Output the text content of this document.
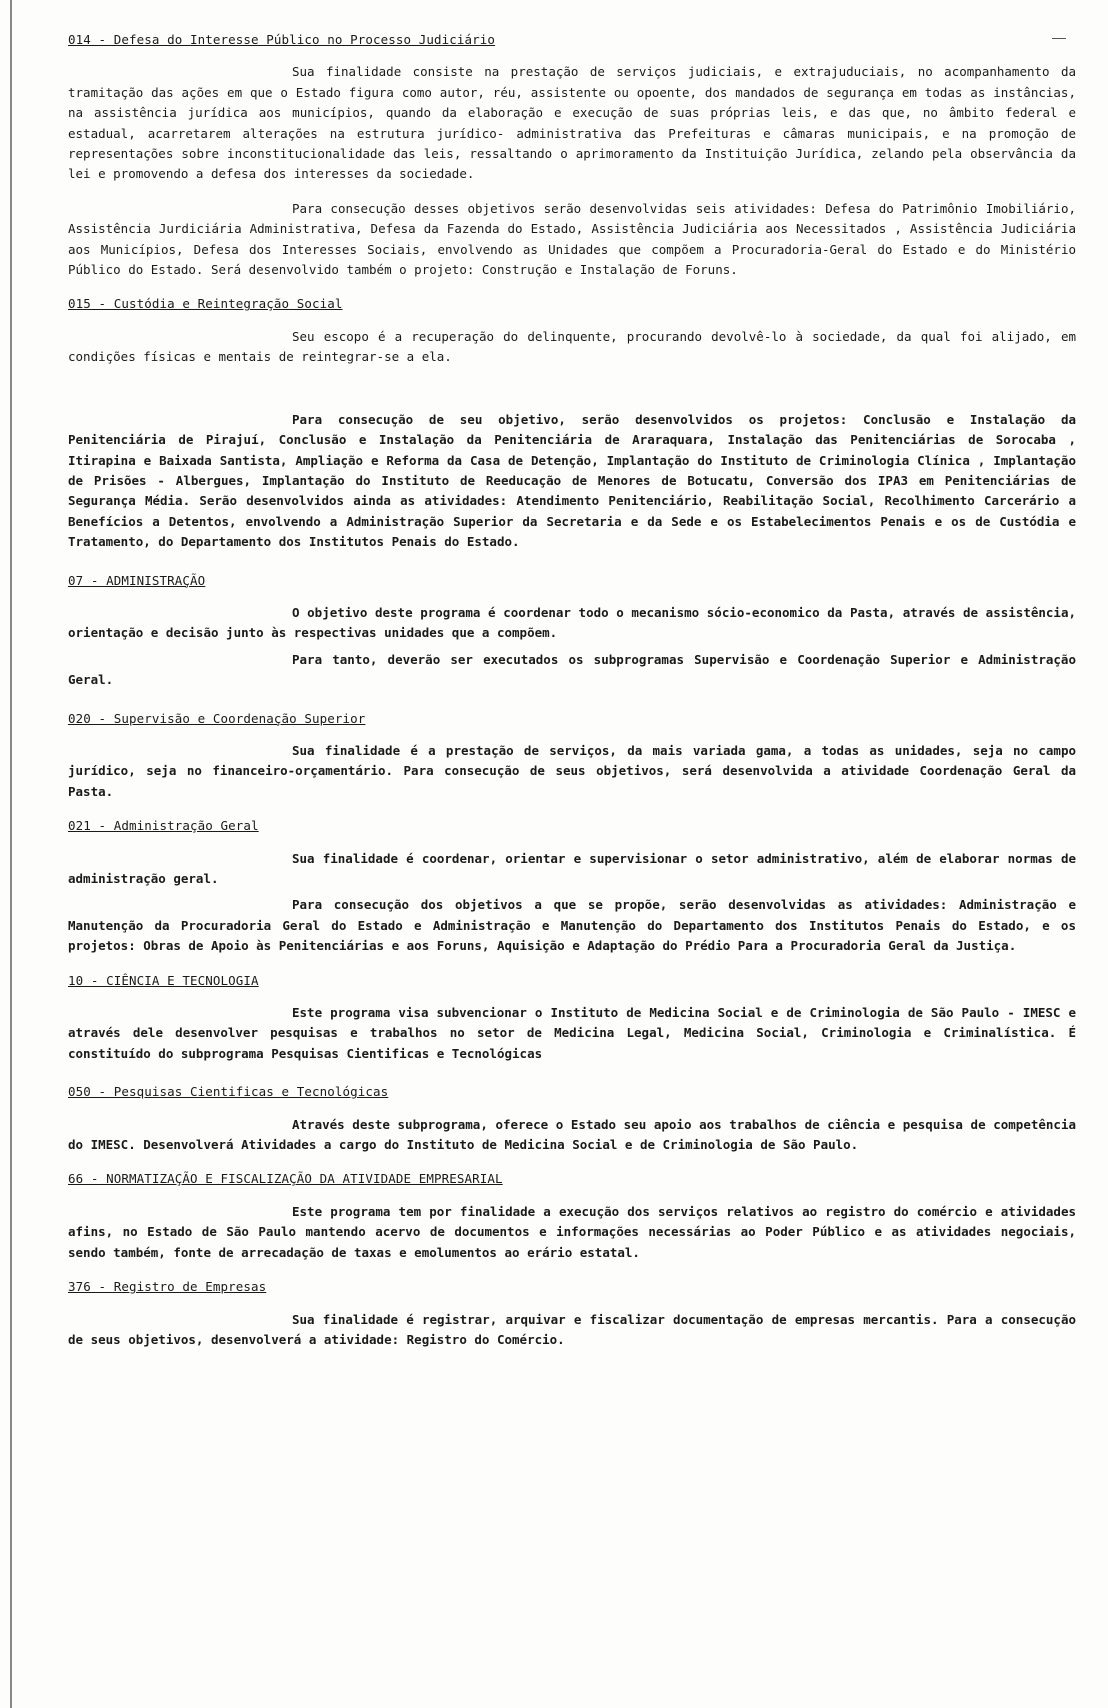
014 - Defesa do Interesse Público no Processo Judiciário

Sua finalidade consiste na prestação de serviços judiciais, e extrajuduciais, no acompanhamento da tramitação das ações em que o Estado figura como autor, réu, assistente ou opoente, dos mandados de segurança em todas as instâncias, na assistência jurídica aos municípios, quando da elaboração e execução de suas próprias leis, e das que, no âmbito federal e estadual, acarretarem alterações na estrutura jurídico- administrativa das Prefeituras e câmaras municipais, e na promoção de representações sobre inconstitucionalidade das leis, ressaltando o aprimoramento da Instituição Jurídica, zelando pela observância da lei e promovendo a defesa dos interesses da sociedade.

Para consecução desses objetivos serão desenvolvidas seis atividades: Defesa do Patrimônio Imobiliário, Assistência Jurdiciária Administrativa, Defesa da Fazenda do Estado, Assistência Judiciária aos Necessitados , Assistência Judiciária aos Municípios, Defesa dos Interesses Sociais, envolvendo as Unidades que compõem a Procuradoria-Geral do Estado e do Ministério Público do Estado. Será desenvolvido também o projeto: Construção e Instalação de Foruns.

015 - Custódia e Reintegração Social

Seu escopo é a recuperação do delinquente, procurando devolvê-lo à sociedade, da qual foi alijado, em condições físicas e mentais de reintegrar-se a ela.

Para consecução de seu objetivo, serão desenvolvidos os projetos: Conclusão e Instalação da Penitenciária de Pirajuí, Conclusão e Instalação da Penitenciária de Araraquara, Instalação das Penitenciárias de Sorocaba , Itirapina e Baixada Santista, Ampliação e Reforma da Casa de Detenção, Implantação do Instituto de Criminologia Clínica , Implantação de Prisões - Albergues, Implantação do Instituto de Reeducação de Menores de Botucatu, Conversão dos IPA3 em Penitenciárias de Segurança Média. Serão desenvolvidos ainda as atividades: Atendimento Penitenciário, Reabilitação Social, Recolhimento Carcerário a Benefícios a Detentos, envolvendo a Administração Superior da Secretaria e da Sede e os Estabelecimentos Penais e os de Custódia e Tratamento, do Departamento dos Institutos Penais do Estado.

07 - ADMINISTRAÇÃO

O objetivo deste programa é coordenar todo o mecanismo sócio-economico da Pasta, através de assistência, orientação e decisão junto às respectivas unidades que a compõem.

Para tanto, deverão ser executados os subprogramas Supervisão e Coordenação Superior e Administração Geral.

020 - Supervisão e Coordenação Superior

Sua finalidade é a prestação de serviços, da mais variada gama, a todas as unidades, seja no campo jurídico, seja no financeiro-orçamentário. Para consecução de seus objetivos, será desenvolvida a atividade Coordenação Geral da Pasta.

021 - Administração Geral

Sua finalidade é coordenar, orientar e supervisionar o setor administrativo, além de elaborar normas de administração geral.

Para consecução dos objetivos a que se propõe, serão desenvolvidas as atividades: Administração e Manutenção da Procuradoria Geral do Estado e Administração e Manutenção do Departamento dos Institutos Penais do Estado, e os projetos: Obras de Apoio às Penitenciárias e aos Foruns, Aquisição e Adaptação do Prédio Para a Procuradoria Geral da Justiça.

10 - CIÊNCIA E TECNOLOGIA

Este programa visa subvencionar o Instituto de Medicina Social e de Criminologia de São Paulo - IMESC e através dele desenvolver pesquisas e trabalhos no setor de Medicina Legal, Medicina Social, Criminologia e Criminalística. É constituído do subprograma Pesquisas Cientificas e Tecnológicas

050 - Pesquisas Cientificas e Tecnológicas

Através deste subprograma, oferece o Estado seu apoio aos trabalhos de ciência e pesquisa de competência do IMESC. Desenvolverá Atividades a cargo do Instituto de Medicina Social e de Criminologia de São Paulo.

66 - NORMATIZAÇÃO E FISCALIZAÇÃO DA ATIVIDADE EMPRESARIAL

Este programa tem por finalidade a execução dos serviços relativos ao registro do comércio e atividades afins, no Estado de São Paulo mantendo acervo de documentos e informações necessárias ao Poder Público e as atividades negociais, sendo também, fonte de arrecadação de taxas e emolumentos ao erário estatal.

376 - Registro de Empresas

Sua finalidade é registrar, arquivar e fiscalizar documentação de empresas mercantis. Para a consecução de seus objetivos, desenvolverá a atividade: Registro do Comércio.
